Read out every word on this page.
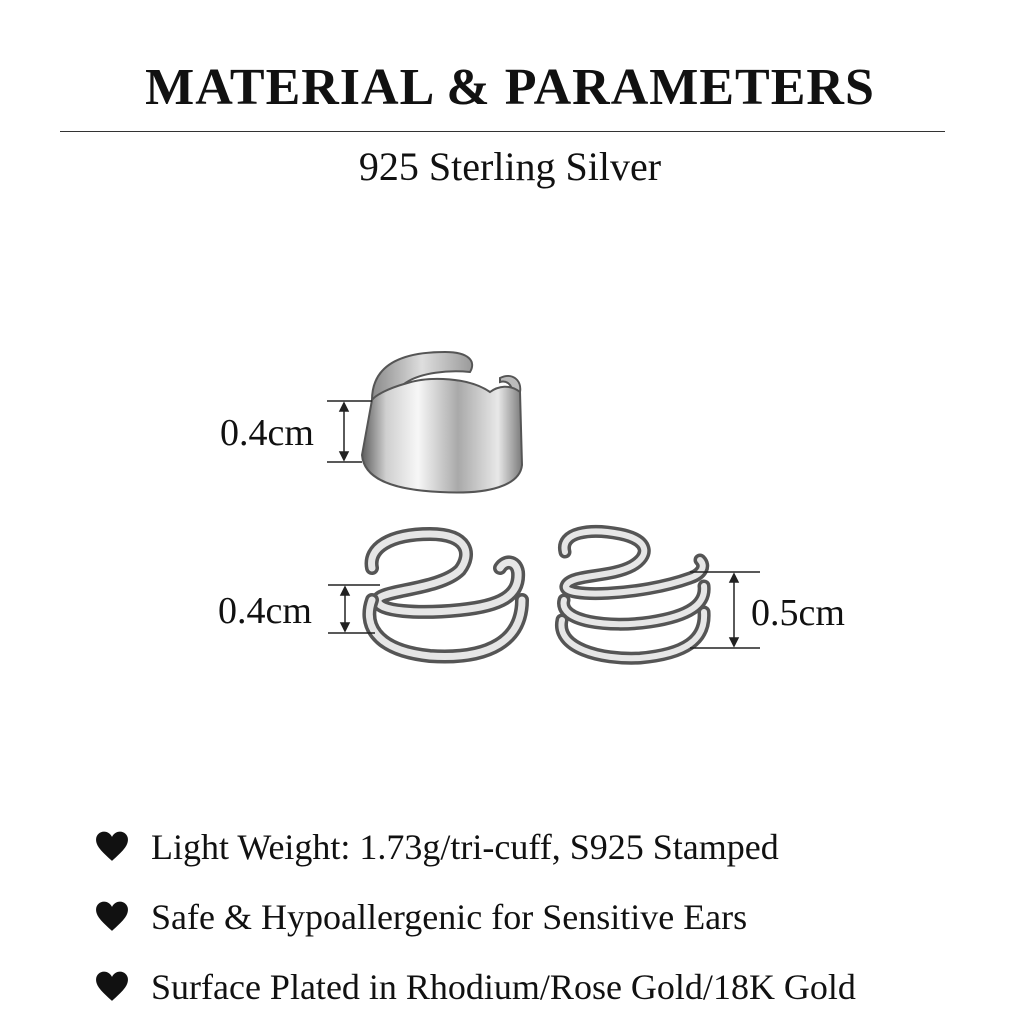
MATERIAL & PARAMETERS
925 Sterling Silver
0.4cm
0.4cm	0.5cm
Light Weight: 1.73g/tri-cuff, S925 Stamped
Safe & Hypoallergenic for Sensitive Ears
Surface Plated in Rhodium/Rose Gold/18K Gold
